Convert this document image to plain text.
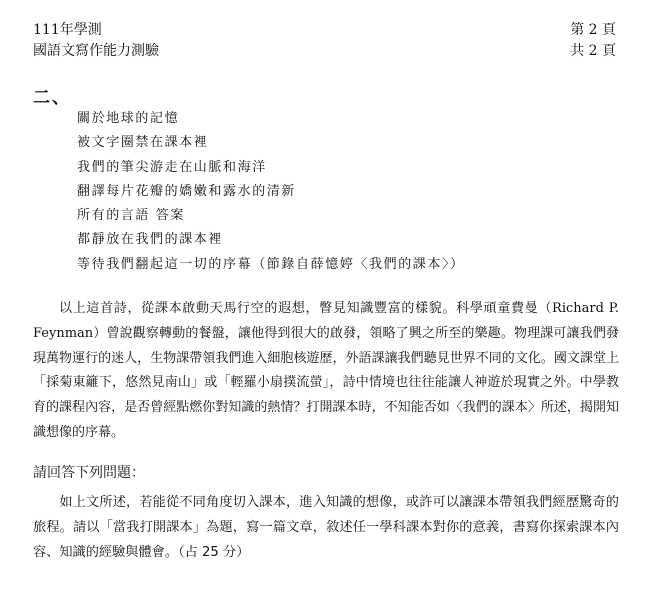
111年學測
國語文寫作能力測驗
第 2 頁
共 2 頁
二、
關於地球的記憶
被文字圈禁在課本裡
我們的筆尖游走在山脈和海洋
翻譯每片花瓣的嬌嫩和露水的清新
所有的言語 答案
都靜放在我們的課本裡
等待我們翻起這一切的序幕（節錄自薛憶婷〈我們的課本〉）

以上這首詩，從課本啟動天馬行空的遐想，瞥見知識豐富的樣貌。科學頑童費曼（Richard P. Feynman）曾說觀察轉動的餐盤，讓他得到很大的啟發，領略了興之所至的樂趣。物理課可讓我們發現萬物運行的迷人，生物課帶領我們進入細胞核遊歷，外語課讓我們聽見世界不同的文化。國文課堂上「採菊東籬下，悠然見南山」或「輕羅小扇撲流螢」，詩中情境也往往能讓人神遊於現實之外。中學教育的課程內容，是否曾經點燃你對知識的熱情？打開課本時，不知能否如〈我們的課本〉所述，揭開知識想像的序幕。

請回答下列問題：

如上文所述，若能從不同角度切入課本，進入知識的想像，或許可以讓課本帶領我們經歷驚奇的旅程。請以「當我打開課本」為題，寫一篇文章，敘述任一學科課本對你的意義，書寫你探索課本內容、知識的經驗與體會。（占 25 分）
